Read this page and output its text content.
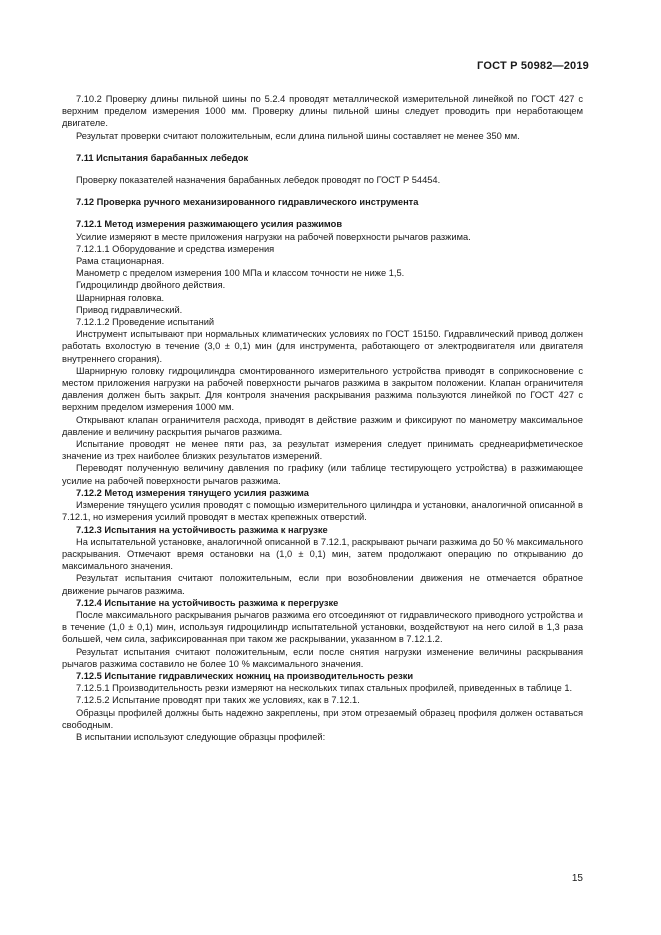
ГОСТ Р 50982—2019
7.10.2 Проверку длины пильной шины по 5.2.4 проводят металлической измерительной линейкой по ГОСТ 427 с верхним пределом измерения 1000 мм. Проверку длины пильной шины следует проводить при неработающем двигателе.
Результат проверки считают положительным, если длина пильной шины составляет не менее 350 мм.
7.11 Испытания барабанных лебедок
Проверку показателей назначения барабанных лебедок проводят по ГОСТ Р 54454.
7.12 Проверка ручного механизированного гидравлического инструмента
7.12.1 Метод измерения разжимающего усилия разжимов
Усилие измеряют в месте приложения нагрузки на рабочей поверхности рычагов разжима.
7.12.1.1 Оборудование и средства измерения
Рама стационарная.
Манометр с пределом измерения 100 МПа и классом точности не ниже 1,5.
Гидроцилиндр двойного действия.
Шарнирная головка.
Привод гидравлический.
7.12.1.2 Проведение испытаний
Инструмент испытывают при нормальных климатических условиях по ГОСТ 15150. Гидравлический привод должен работать вхолостую в течение (3,0 ± 0,1) мин (для инструмента, работающего от электродвигателя или двигателя внутреннего сгорания).
Шарнирную головку гидроцилиндра смонтированного измерительного устройства приводят в соприкосновение с местом приложения нагрузки на рабочей поверхности рычагов разжима в закрытом положении. Клапан ограничителя давления должен быть закрыт. Для контроля значения раскрывания разжима пользуются линейкой по ГОСТ 427 с верхним пределом измерения 1000 мм.
Открывают клапан ограничителя расхода, приводят в действие разжим и фиксируют по манометру максимальное давление и величину раскрытия рычагов разжима.
Испытание проводят не менее пяти раз, за результат измерения следует принимать среднеарифметическое значение из трех наиболее близких результатов измерений.
Переводят полученную величину давления по графику (или таблице тестирующего устройства) в разжимающее усилие на рабочей поверхности рычагов разжима.
7.12.2 Метод измерения тянущего усилия разжима
Измерение тянущего усилия проводят с помощью измерительного цилиндра и установки, аналогичной описанной в 7.12.1, но измерения усилий проводят в местах крепежных отверстий.
7.12.3 Испытания на устойчивость разжима к нагрузке
На испытательной установке, аналогичной описанной в 7.12.1, раскрывают рычаги разжима до 50 % максимального раскрывания. Отмечают время остановки на (1,0 ± 0,1) мин, затем продолжают операцию по открыванию до максимального значения.
Результат испытания считают положительным, если при возобновлении движения не отмечается обратное движение рычагов разжима.
7.12.4 Испытание на устойчивость разжима к перегрузке
После максимального раскрывания рычагов разжима его отсоединяют от гидравлического приводного устройства и в течение (1,0 ± 0,1) мин, используя гидроцилиндр испытательной установки, воздействуют на него силой в 1,3 раза большей, чем сила, зафиксированная при таком же раскрывании, указанном в 7.12.1.2.
Результат испытания считают положительным, если после снятия нагрузки изменение величины раскрывания рычагов разжима составило не более 10 % максимального значения.
7.12.5 Испытание гидравлических ножниц на производительность резки
7.12.5.1 Производительность резки измеряют на нескольких типах стальных профилей, приведенных в таблице 1.
7.12.5.2 Испытание проводят при таких же условиях, как в 7.12.1.
Образцы профилей должны быть надежно закреплены, при этом отрезаемый образец профиля должен оставаться свободным.
В испытании используют следующие образцы профилей:
15
